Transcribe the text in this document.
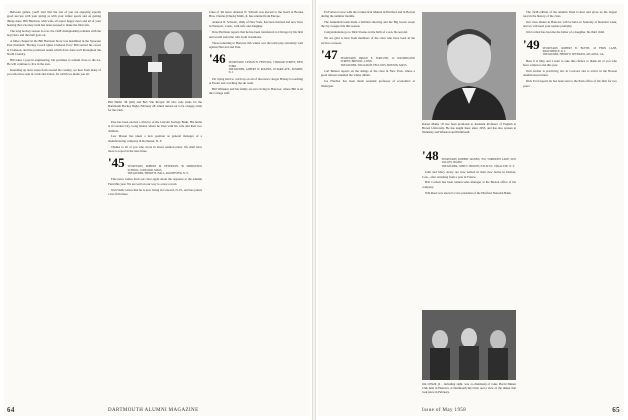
Between games, you'll visit that the rest of you are enjoying equally good success with your spring as with your winter sports and on getting things done. Bill Harrison, with wife, all report happy news and all of your hearing that a hockey team has been pressed to make the final win.

The long hockey season is over, the 1928 championship remains with the boys here and the mail goes on.

A fuller chapter in the Bill Harrison Story was headlined in the Syracuse Post-Standard: 'Hockey Coach Quits Clarkson Post.' Bill started his career at Clarkson, and has produced teams which have done well throughout the North Country.

Bill takes a post in engineering, but promises to remain close to the ice. He will continue to live in the area.

Rounding up news notes from around the country, we hear from many of you who have sent in cards and letters, for which we thank you all.

Phil Heller '46 (left) and Bob Van Roojen '46 who rode plans for the Dartmouth Hockey Night, February 28, which turned out to be a happy event for the Club.

Pete has been elected a director of the Lincoln Savings Bank. His home is in Garden City, Long Island, where he lives with his wife and their two children.

Lew Mason has taken a new position as general manager of a manufacturing company in Rochester, N. Y.

Thanks to all of you who wrote in about reunion plans. We shall have more to report in the next issue.

'45 SECRETARY, ROBERT M. PETERSON, 36 MIDDLESEX SCHOOL, CONCORD, MASS.
TREASURER, HENRY B. HALL, ROCHESTER, N. Y.

Fine news comes from our class agent about the response to the Alumni Fund this year. We are well on our way to a new record.

Tom Wells writes that he is now living in Concord, N. H., and has joined a law firm there.

Class of '46 news: Alanson N. Schwab was elected to the board at Brooks Bros. Charles (Chuck) Smith, Jr. has returned from Europe.

Alanson N. Schwab, 1946, of New York, has been married and now lives in Westport, Conn., with wife and daughter.

Dave Hollister reports that he has been transferred to Chicago by his firm and would welcome calls from classmates.

Those returning to Hanover this winter saw the team play extremely well against Harvard and Yale.

'46 SECRETARY, LYMAN H. FENWICK, 3 BROAD STREET, NEW YORK
TREASURER, ALBERT W. ROGERS, 20 PARK AVE., SUMMIT, N. J.

I'm trying hard to catch up on all of that news. Roger Halsey is teaching at Exeter and coaching the ski team.

Bill Whitaker and his family are now living in Hanover, where Bill is on the College staff.

64	DARTMOUTH ALUMNI MAGAZINE

Ed Forbes is now with the Connecticut Mutual in Hartford and in Boston during the summer months.

The basketball team made a brilliant showing and the Big Green swept the Ivy League title this season.

Congratulations go to Dick Sloane on the birth of a son, his second.

We are glad to hear from members of the class who have been in the service overseas.

'47 SECRETARY, BRUCE E. FORTUNE, 14 WASHINGTON STREET, BRISTOL, CONN.
TREASURER, WILLIAM B. FELLOWS, BOSTON, MASS.

Carl Benton reports on the doings of the class in New York, where a good turnout attended the winter dinner.

Joe Fletcher has been made assistant professor of economics at Wesleyan.

Robert Marks '47 has been promoted to Assistant Professor of English at Brown University. He has taught there since 1953, and has also spoken at Wellesley and Wheaton and Dartmouth.
'48 SECRETARY, ROBERT JANSEN, 7011 TOMPKINS LANE, SUN VALLEY, IDAHO
TREASURER, JOHN C. BROWN, 8 ELM ST., SYRACUSE, N. Y.

John and Mary Avery are now settled in their new home in Denver, Colo., after returning from a year in France.

Bob Carlson has been named sales manager at the Boston office of his company.

Win Reed was elected a vice president of the Hartford National Bank.

Jim O'Neill (2 - including right, was co-chairman) of Lake Placid Dinner Club held in Hanover, at Dartmouth Ski Club, and a view of the dinner that took place in February.

The 1948 edition of the Alumni Fund is here and gives us the largest total in the history of the class.

Our class dinner in Hanover will be held on Saturday of Reunion week, and we will need your replies promptly.

Jim Corbett has become the father of a daughter, his third child.

'49 SECRETARY, ROBERT B. BLYTH, 43 FERN LANE, PROVIDENCE, R. I.
TREASURER, HENRY P. SEYMOUR, ATLANTA, GA.

Here it is May and I want to take this chance to thank all of you who have written to me this year.

Tom Archer is practicing law in Concord and is active in the Boston Alumni Association.

Dick Ford reports he has been sent to the Paris office of his firm for two years.

Issue of May 1958	65
